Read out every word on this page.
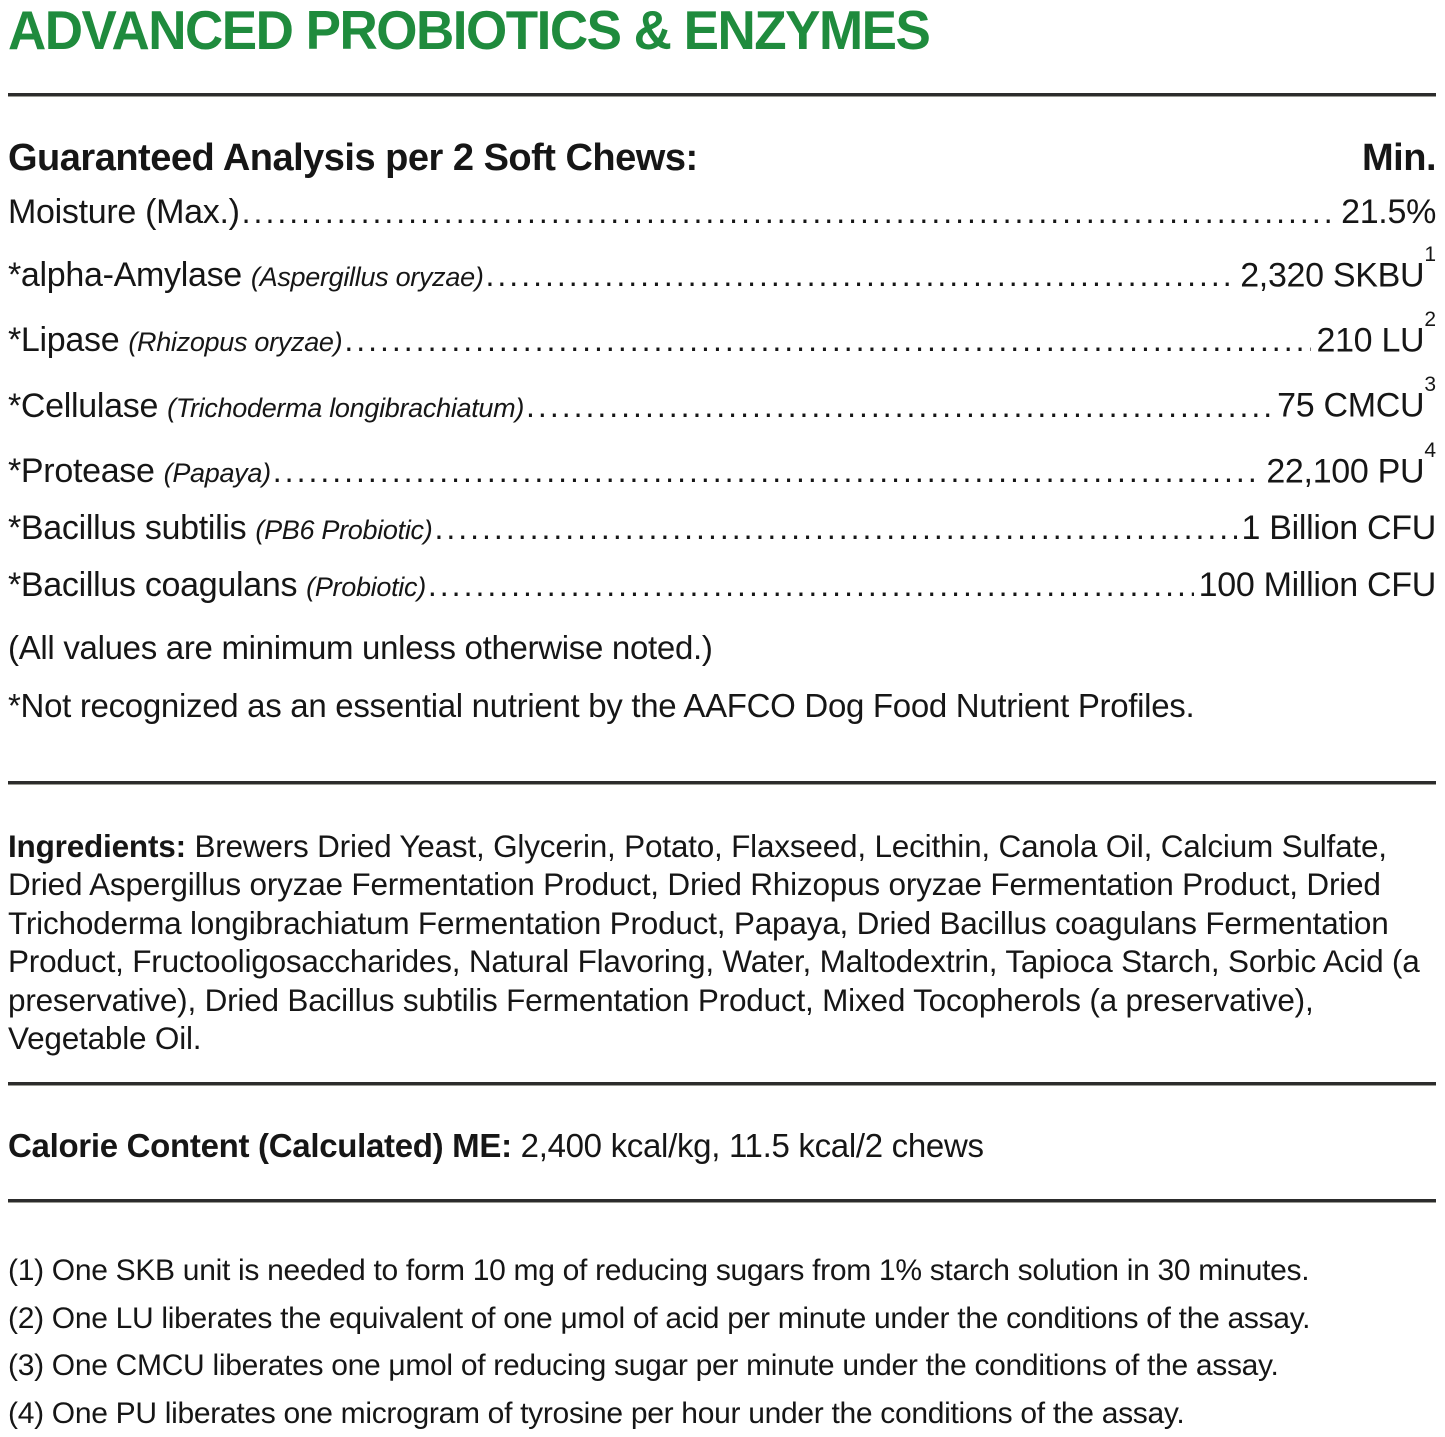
ADVANCED PROBIOTICS & ENZYMES
Guaranteed Analysis per 2 Soft Chews:	Min.
Moisture (Max.) .....	21.5%
*alpha-Amylase (Aspergillus oryzae) .....	2,320 SKBU$^1$
*Lipase (Rhizopus oryzae) .....	210 $LU^2$
*Cellulase (Trichoderma longibrachiatum) .....	75 CMCU$^3$
*Protease (Papaya) .....	22,100 $PU^4$
*Bacillus subtilis (PB6 Probiotic) .....	1 Billion CFU
*Bacillus coagulans (Probiotic) .....	100 Million CFU

(All values are minimum unless otherwise noted.)

*Not recognized as an essential nutrient by the AAFCO Dog Food Nutrient Profiles.

Ingredients: Brewers Dried Yeast, Glycerin, Potato, Flaxseed, Lecithin, Canola Oil, Calcium Sulfate, Dried Aspergillus oryzae Fermentation Product, Dried Rhizopus oryzae Fermentation Product, Dried Trichoderma longibrachiatum Fermentation Product, Papaya, Dried Bacillus coagulans Fermentation Product, Fructooligosaccharides, Natural Flavoring, Water, Maltodextrin, Tapioca Starch, Sorbic Acid (a preservative), Dried Bacillus subtilis Fermentation Product, Mixed Tocopherols (a preservative), Vegetable Oil.

Calorie Content (Calculated) ME: 2,400 kcal/kg, 11.5 kcal/2 chews

(1) One SKB unit is needed to form 10 mg of reducing sugars from 1% starch solution in 30 minutes.

(2) One LU liberates the equivalent of one μmol of acid per minute under the conditions of the assay.

(3) One CMCU liberates one μmol of reducing sugar per minute under the conditions of the assay.

(4) One PU liberates one microgram of tyrosine per hour under the conditions of the assay.
